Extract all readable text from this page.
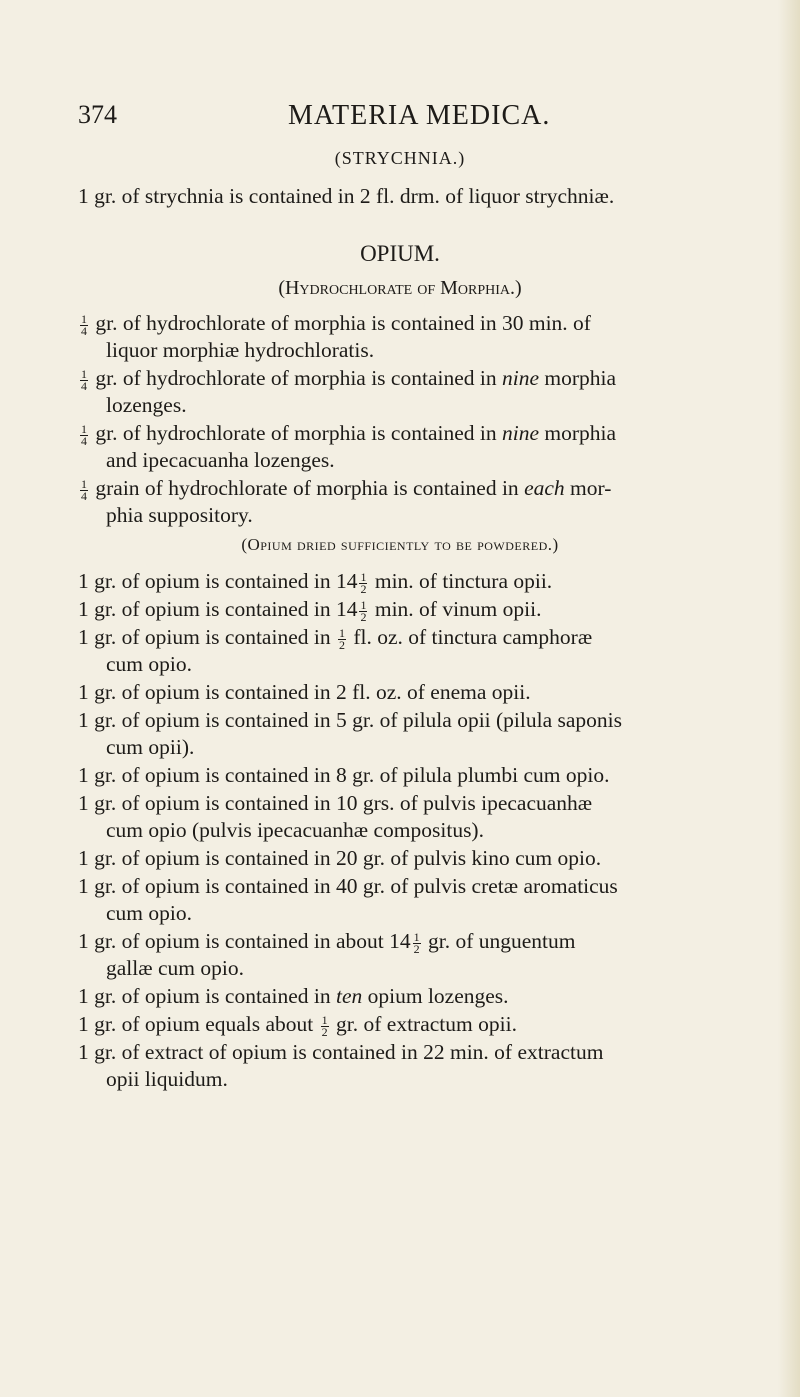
374	MATERIA MEDICA.
(STRYCHNIA.)
1 gr. of strychnia is contained in 2 fl. drm. of liquor strychniæ.
OPIUM.
(Hydrochlorate of Morphia.)
$\frac{1}{4}$ gr. of hydrochlorate of morphia is contained in 30 min. of
liquor morphiæ hydrochloratis.
$\frac{1}{4}$ gr. of hydrochlorate of morphia is contained in nine morphia
lozenges.
$\frac{1}{4}$ gr. of hydrochlorate of morphia is contained in nine morphia
and ipecacuanha lozenges.
$\frac{1}{4}$ grain of hydrochlorate of morphia is contained in each mor-
phia suppository.
(Opium dried sufficiently to be powdered.)
1 gr. of opium is contained in $14 \frac{1}{2} \min$. of tinctura opii.
1 gr. of opium is contained in $14 \frac{1}{2} \min$. of vinum opii.
1 gr. of opium is contained in $\frac{1}{2}$ fl. oz. of tinctura camphoræ
cum opio.
1 gr. of opium is contained in 2 fl. oz. of enema opii.
1 gr. of opium is contained in 5 gr. of pilula opii (pilula saponis
cum opii).
1 gr. of opium is contained in 8 gr. of pilula plumbi cum opio.
1 gr. of opium is contained in 10 grs. of pulvis ipecacuanhæ
cum opio (pulvis ipecacuanhæ compositus).
1 gr. of opium is contained in 20 gr. of pulvis kino cum opio.
1 gr. of opium is contained in 40 gr. of pulvis cretæ aromaticus
cum opio.
1 gr. of opium is contained in about $14 \frac{1}{2}$ gr. of unguentum
gallæ cum opio.
1 gr. of opium is contained in ten opium lozenges.
1 gr. of opium equals about $\frac{1}{2}$ gr. of extractum opii.
1 gr. of extract of opium is contained in 22 min. of extractum
opii liquidum.
